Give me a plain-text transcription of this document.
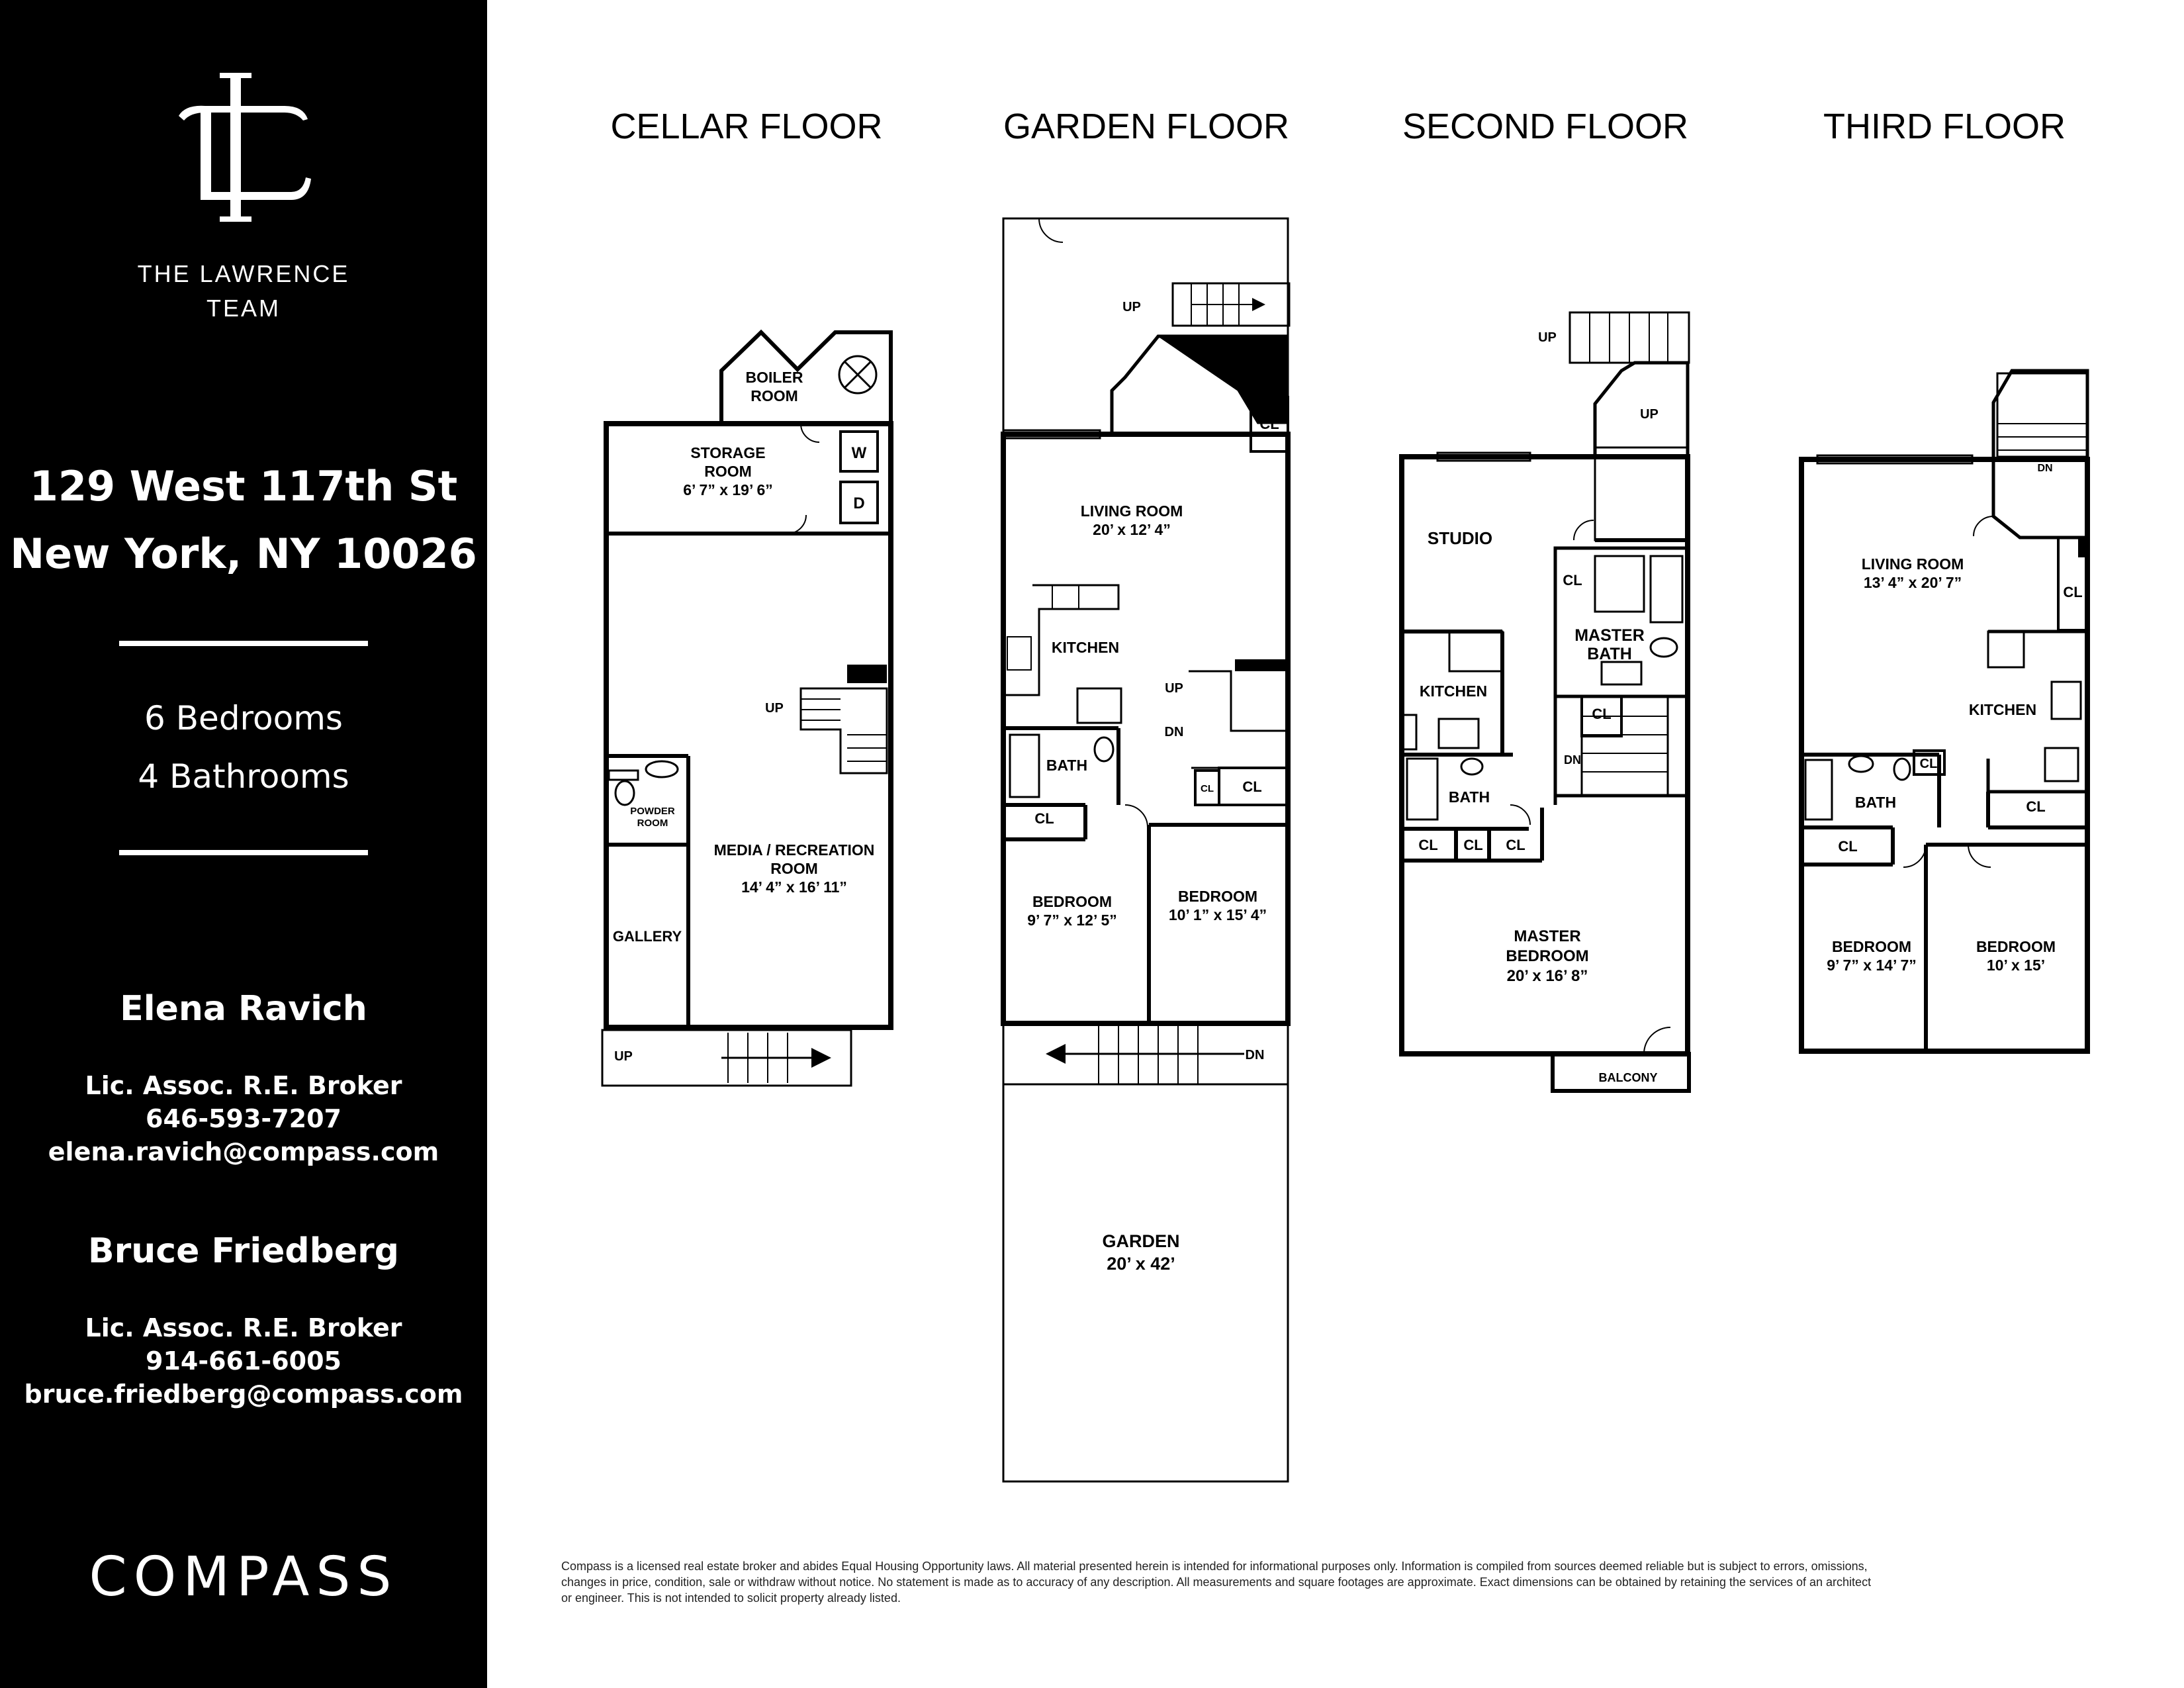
THE LAWRENCE
TEAM
129 West 117th St
New York, NY 10026
6 Bedrooms
4 Bathrooms
Elena Ravich
Lic. Assoc. R.E. Broker
646-593-7207
elena.ravich@compass.com
Bruce Friedberg
Lic. Assoc. R.E. Broker
914-661-6005
bruce.friedberg@compass.com
COMPASS
CELLAR FLOOR	GARDEN FLOOR	SECOND FLOOR	THIRD FLOOR
BOILER
ROOM
STORAGE
ROOM
6’ 7” x 19’ 6”
W
D
UP
POWDER
ROOM
MEDIA / RECREATION
ROOM
14’ 4” x 16’ 11”
GALLERY
UP
UP
CL
LIVING ROOM
20’ x 12’ 4”
KITCHEN
UP
DN
BATH
CL CL
CL
BEDROOM
9’ 7” x 12’ 5”
BEDROOM
10’ 1” x 15’ 4”
DN
GARDEN
20’ x 42’
UP
UP
STUDIO
CL
MASTER
BATH
KITCHEN
CL
DN
BATH
CL CL CL
MASTER
BEDROOM
20’ x 16’ 8”
BALCONY
DN
LIVING ROOM
13’ 4” x 20’ 7”
CL
KITCHEN
BATH
CL
CL
CL
BEDROOM
9’ 7” x 14’ 7”
BEDROOM
10’ x 15’
Compass is a licensed real estate broker and abides Equal Housing Opportunity laws. All material presented herein is intended for informational purposes only. Information is compiled from sources deemed reliable but is subject to errors, omissions,
changes in price, condition, sale or withdraw without notice. No statement is made as to accuracy of any description. All measurements and square footages are approximate. Exact dimensions can be obtained by retaining the services of an architect
or engineer. This is not intended to solicit property already listed.
